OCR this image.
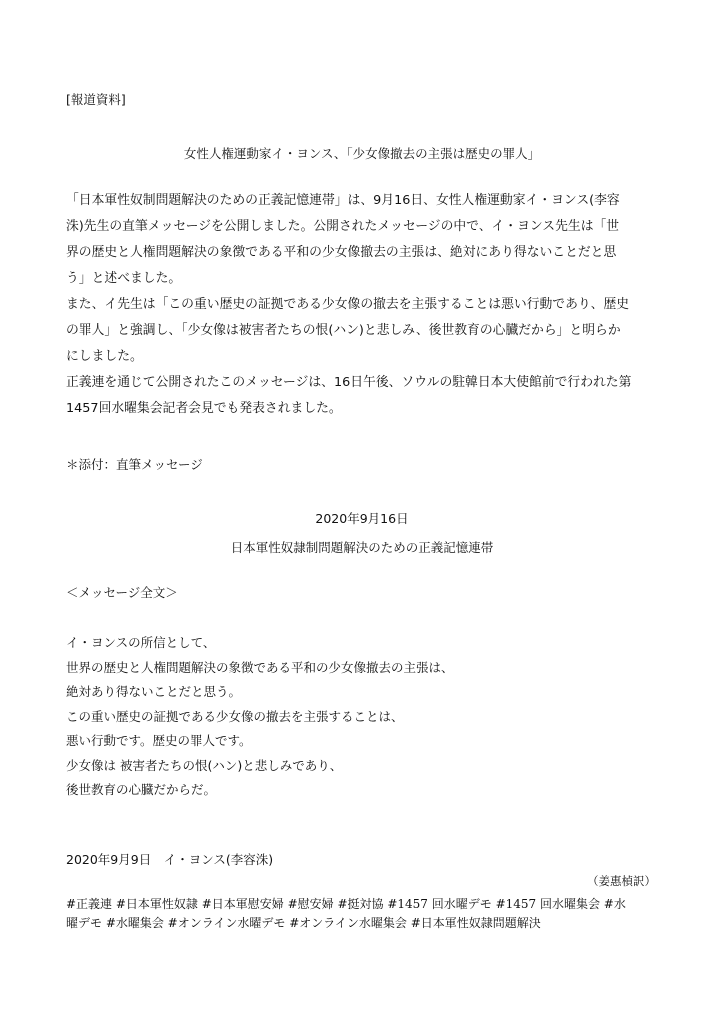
[報道資料]
女性人権運動家イ・ヨンス、「少女像撤去の主張は歴史の罪人」
「日本軍性奴制問題解決のための正義記憶連帯」は、9月16日、女性人権運動家イ・ヨンス(李容
洙)先生の直筆メッセージを公開しました。公開されたメッセージの中で、イ・ヨンス先生は「世
界の歴史と人権問題解決の象徴である平和の少女像撤去の主張は、絶対にあり得ないことだと思
う」と述べました。
また、イ先生は「この重い歴史の証拠である少女像の撤去を主張することは悪い行動であり、歴史
の罪人」と強調し、「少女像は被害者たちの恨(ハン)と悲しみ、後世教育の心臓だから」と明らか
にしました。
正義連を通じて公開されたこのメッセージは、16日午後、ソウルの駐韓日本大使館前で行われた第
1457回水曜集会記者会見でも発表されました。
＊添付：直筆メッセージ
2020年9月16日
日本軍性奴隷制問題解決のための正義記憶連帯
＜メッセージ全文＞
イ・ヨンスの所信として、
世界の歴史と人権問題解決の象徴である平和の少女像撤去の主張は、
絶対あり得ないことだと思う。
この重い歴史の証拠である少女像の撤去を主張することは、
悪い行動です。歴史の罪人です。
少女像は 被害者たちの恨(ハン)と悲しみであり、
後世教育の心臓だからだ。
2020年9月9日　イ・ヨンス(李容洙)
（姜惠楨訳）
#正義連 #日本軍性奴隷 #日本軍慰安婦 #慰安婦 #挺対協 #1457 回水曜デモ #1457 回水曜集会 #水
曜デモ #水曜集会 #オンライン水曜デモ #オンライン水曜集会 #日本軍性奴隷問題解決
